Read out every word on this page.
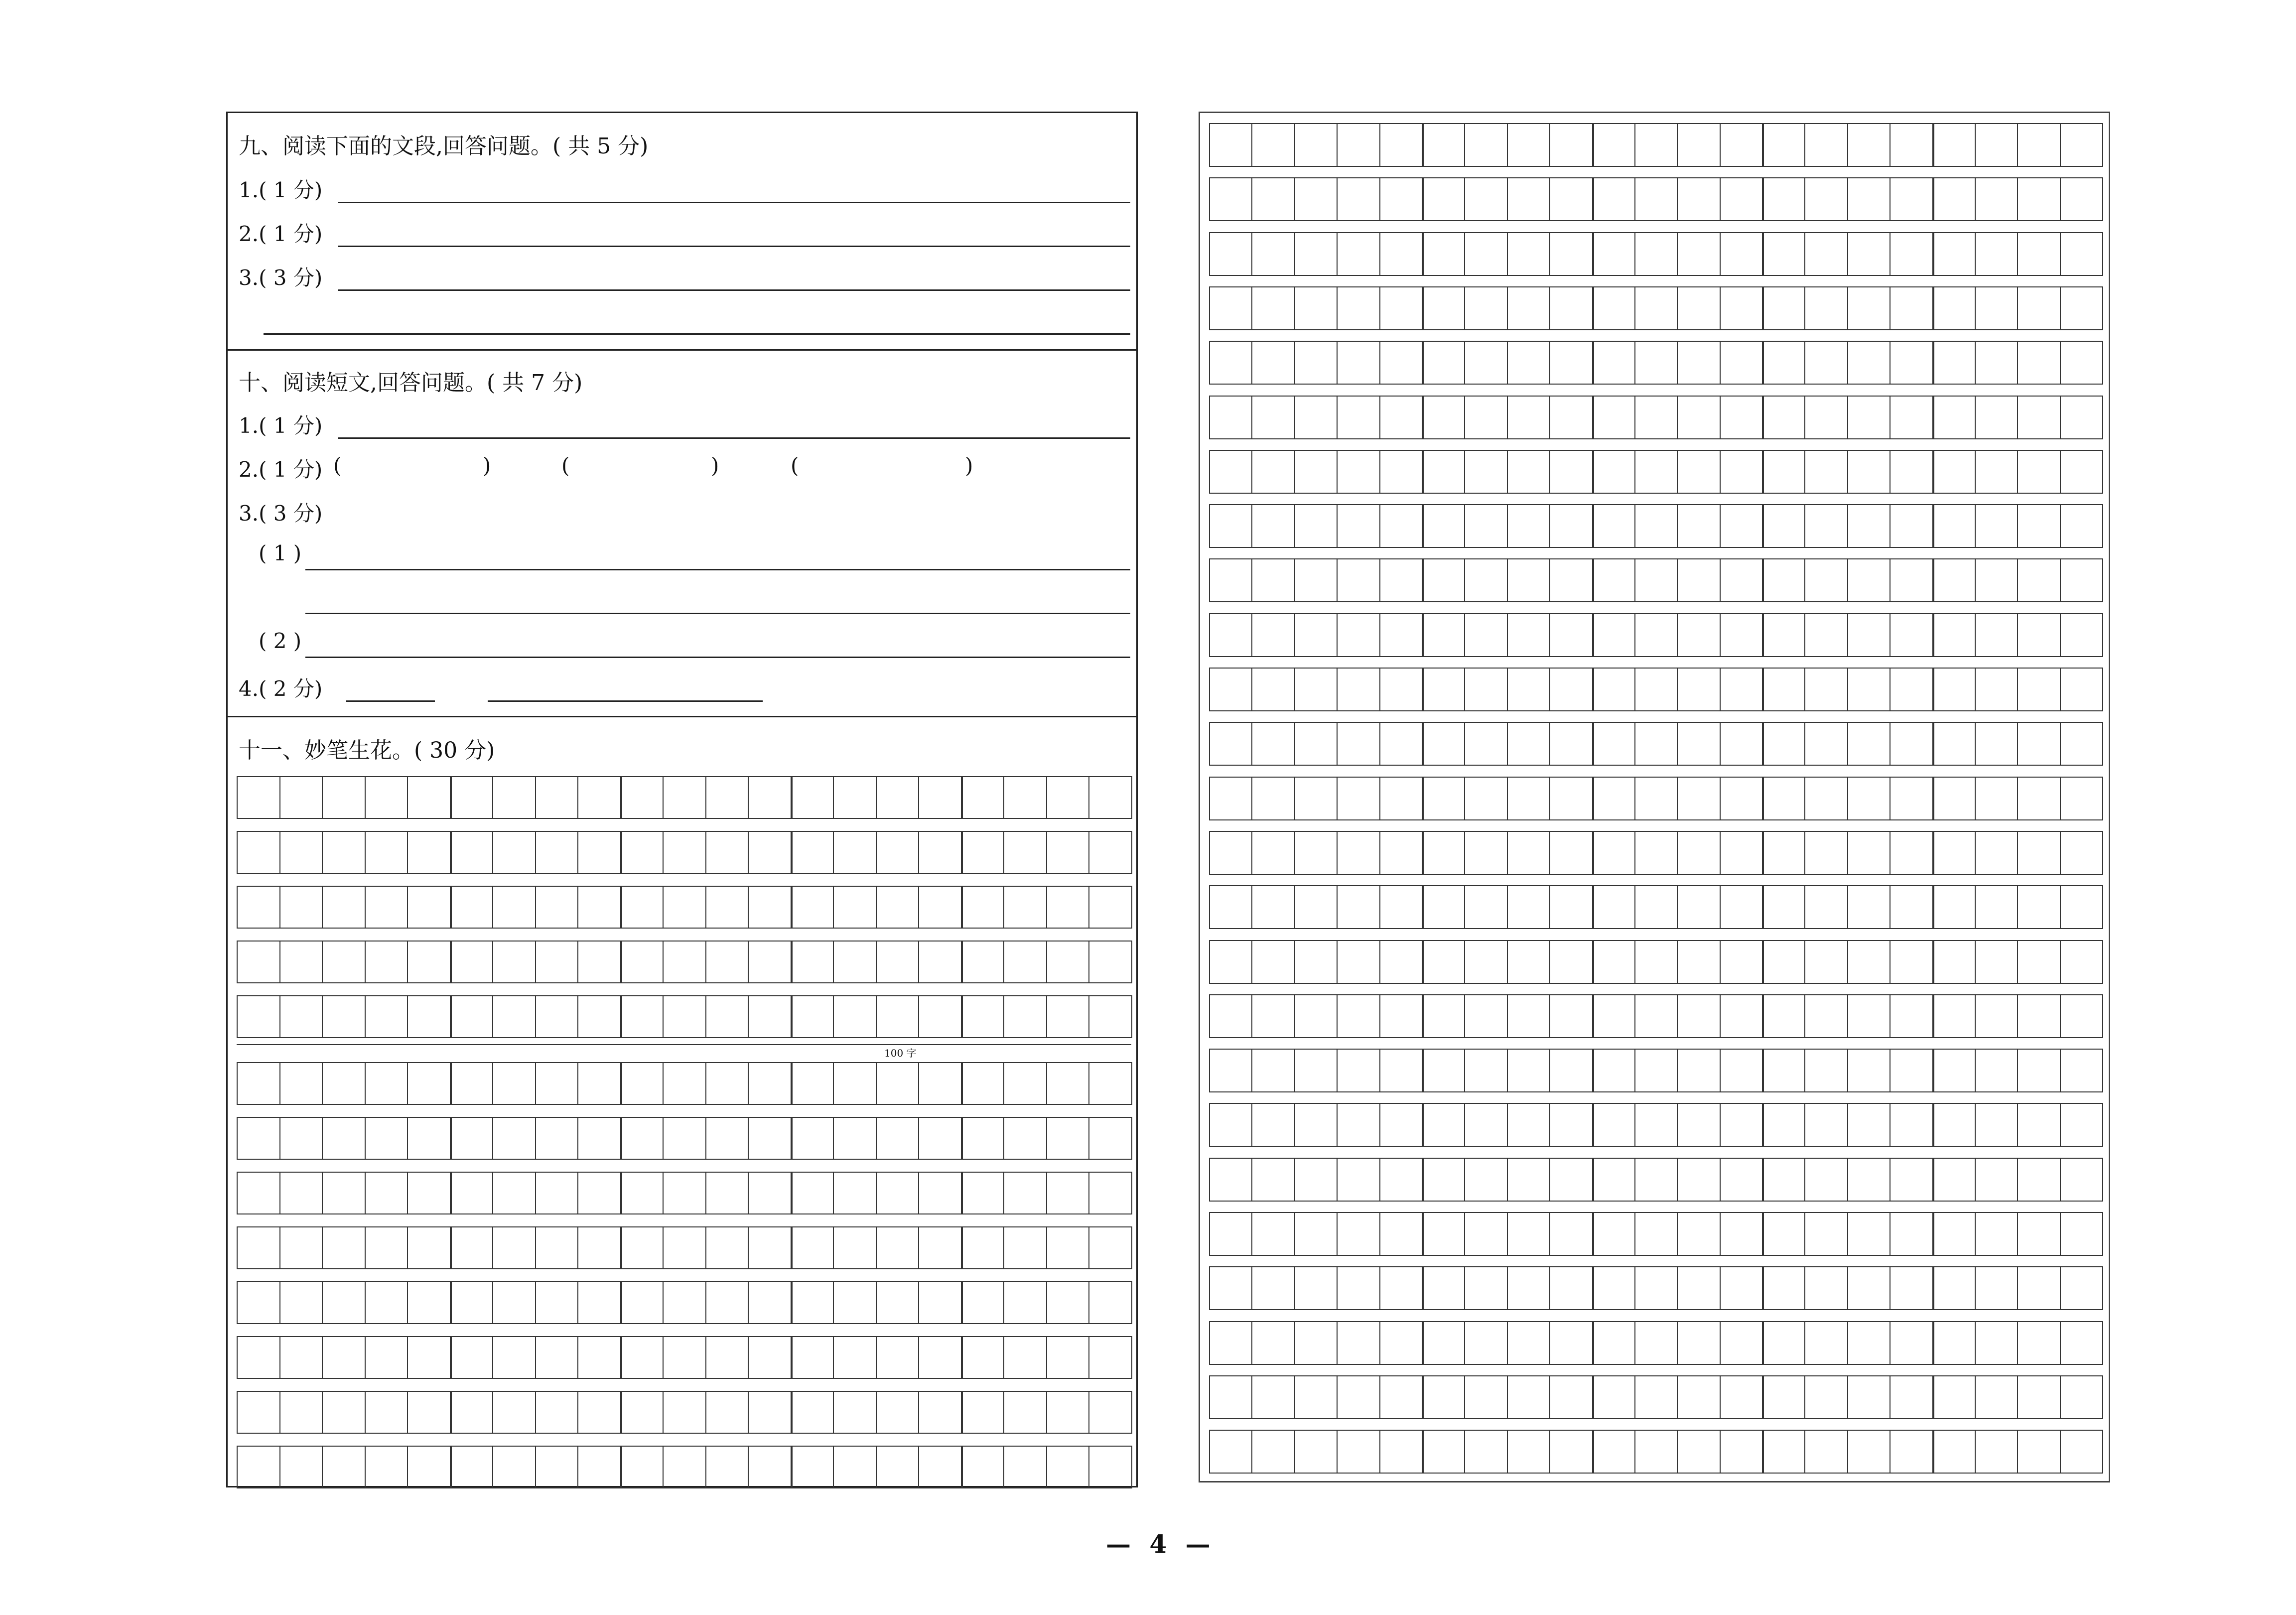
九、阅读下面的文段,回答问题。( 共 5 分)
1.( 1 分)
2.( 1 分)
3.( 3 分)
十、阅读短文,回答问题。( 共 7 分)
1.( 1 分)
2.( 1 分) (	)	(	)	(	)
3.( 3 分)
( 1 )
( 2 )
4.( 2 分)
十一、妙笔生花。( 30 分)
100 字
— 4 —
